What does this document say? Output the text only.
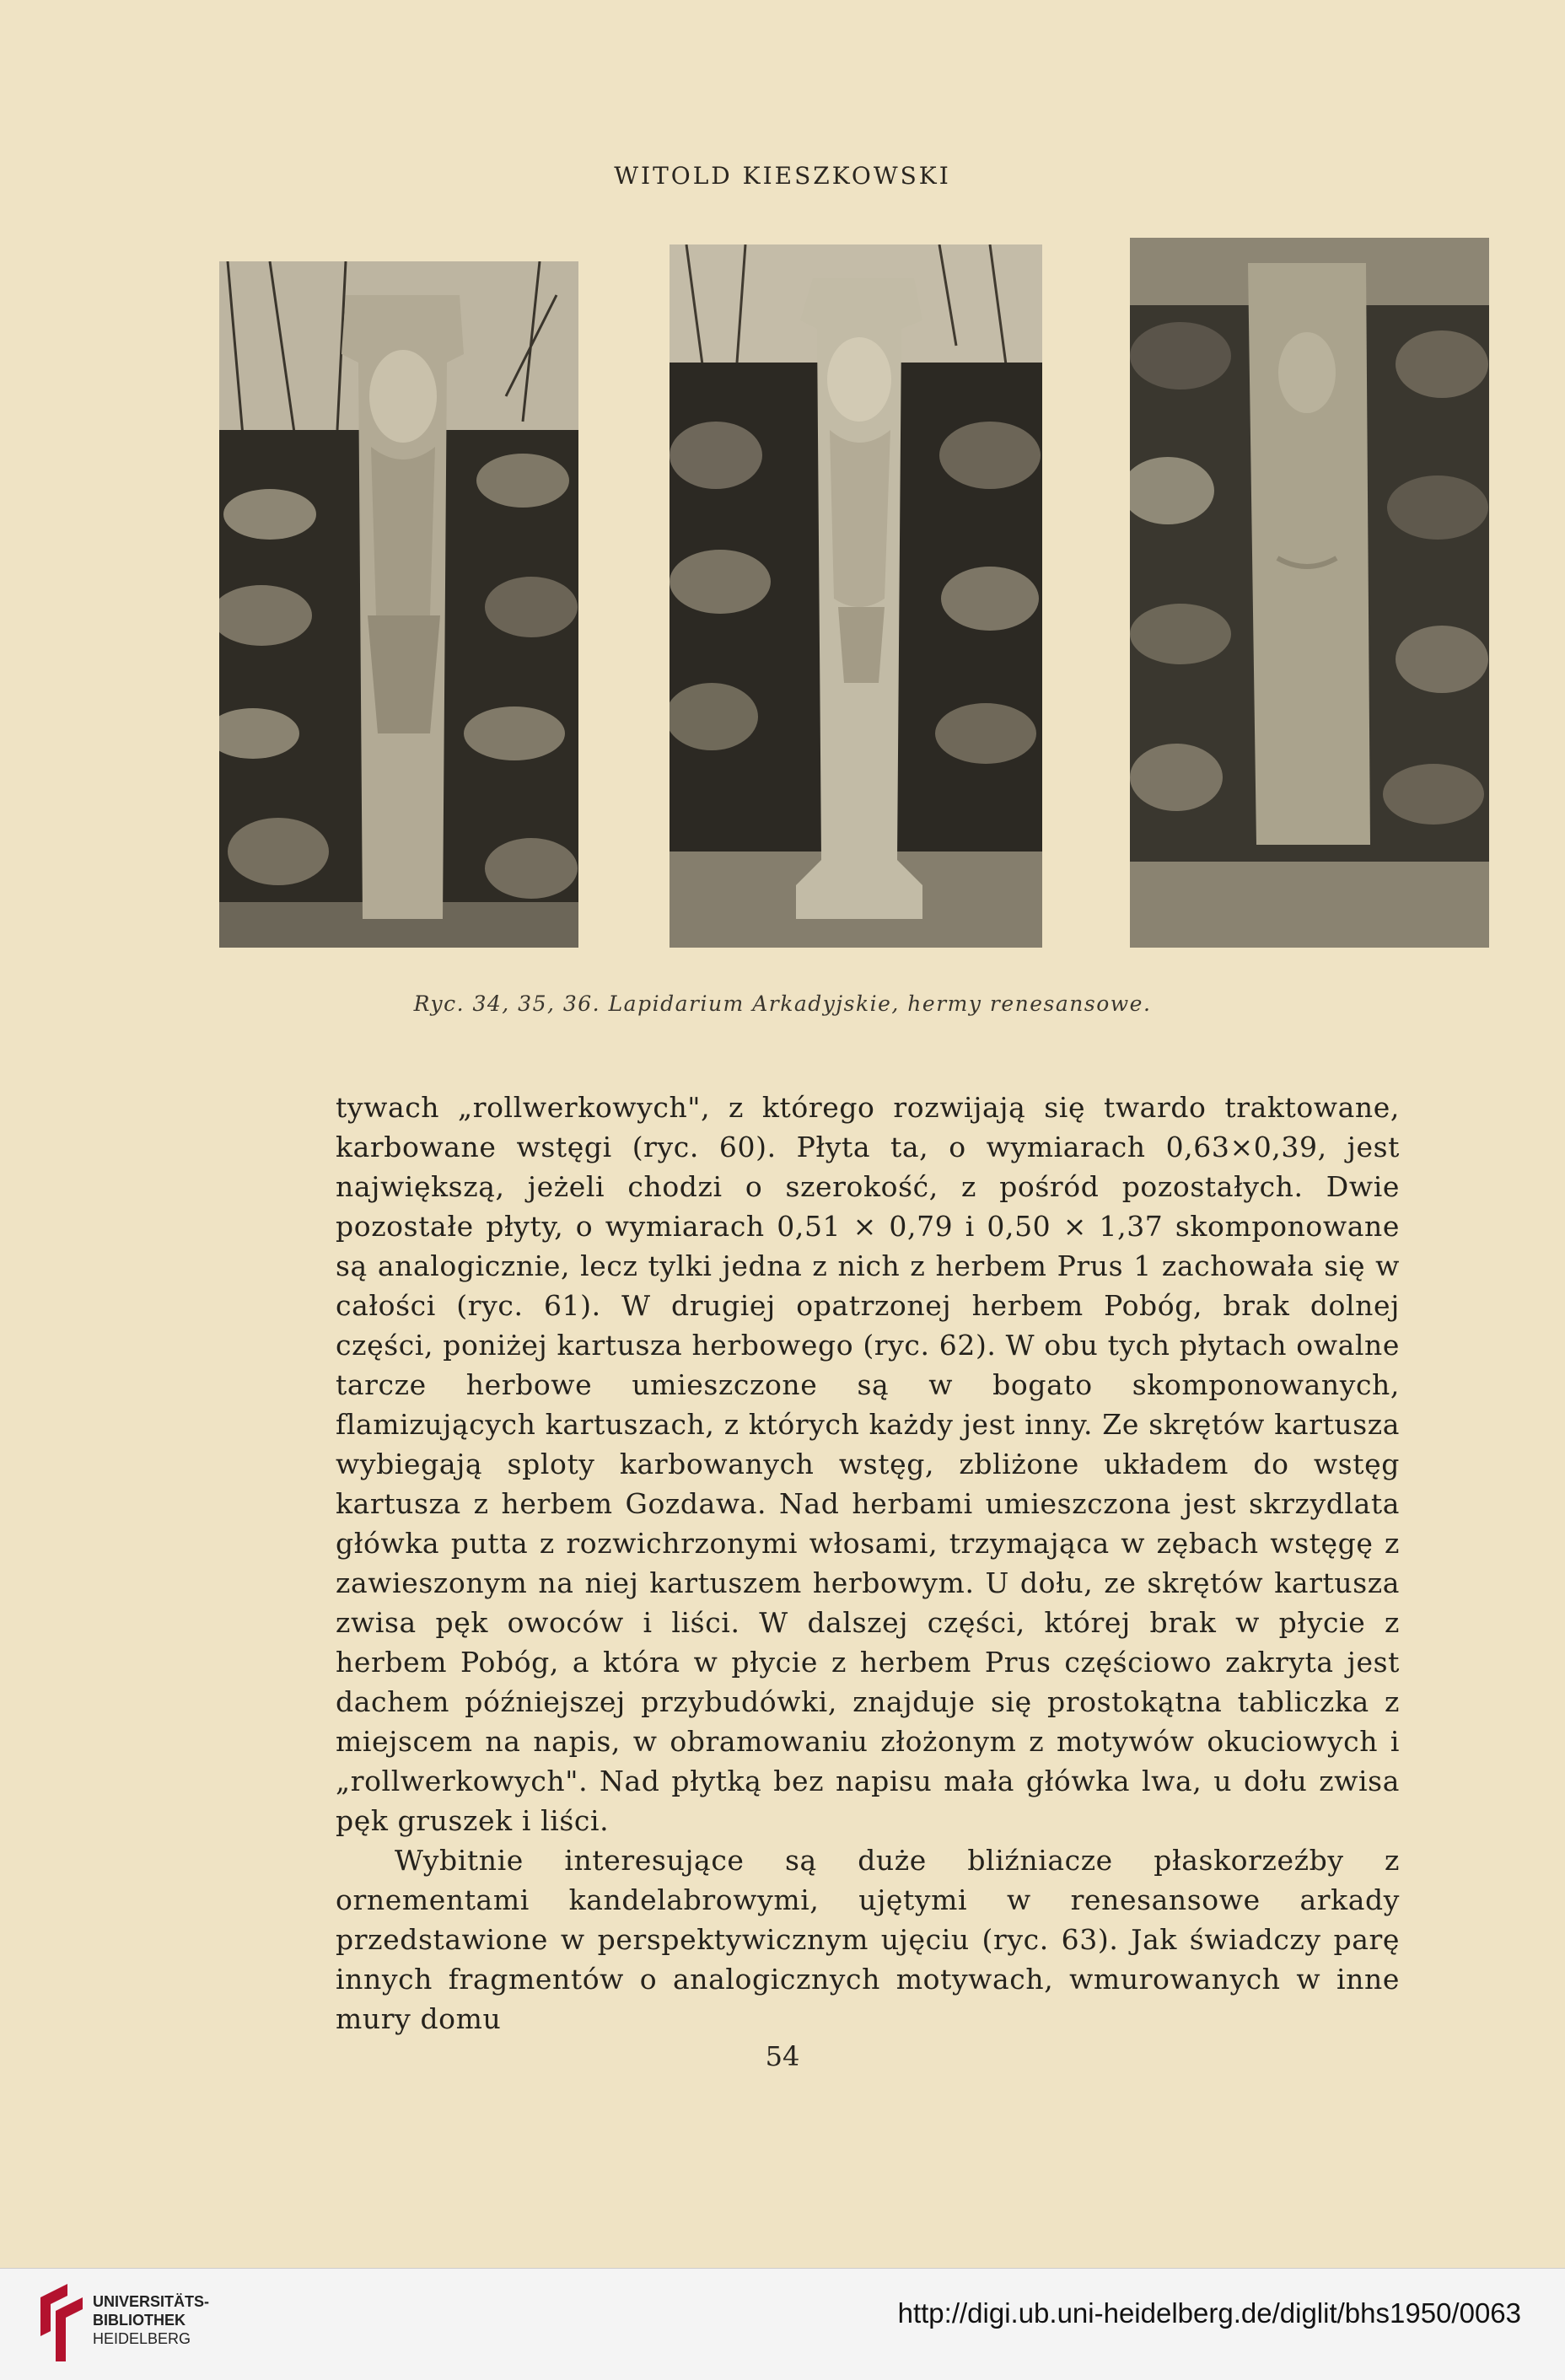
WITOLD KIESZKOWSKI
Ryc. 34, 35, 36. Lapidarium Arkadyjskie, hermy renesansowe.

tywach „rollwerkowych", z którego rozwijają się twardo traktowane, karbowane wstęgi (ryc. 60). Płyta ta, o wymiarach 0,63×0,39, jest największą, jeżeli chodzi o szerokość, z pośród pozostałych. Dwie pozostałe płyty, o wymiarach 0,51 × 0,79 i 0,50 × 1,37 skomponowane są analogicznie, lecz tylki jedna z nich z herbem Prus 1 zachowała się w całości (ryc. 61). W drugiej opatrzonej herbem Pobóg, brak dolnej części, poniżej kartusza herbowego (ryc. 62). W obu tych płytach owalne tarcze herbowe umieszczone są w bogato skomponowanych, flamizujących kartuszach, z których każdy jest inny. Ze skrętów kartusza wybiegają sploty karbowanych wstęg, zbliżone układem do wstęg kartusza z herbem Gozdawa. Nad herbami umieszczona jest skrzydlata główka putta z rozwichrzonymi włosami, trzymająca w zębach wstęgę z zawieszonym na niej kartuszem herbowym. U dołu, ze skrętów kartusza zwisa pęk owoców i liści. W dalszej części, której brak w płycie z herbem Pobóg, a która w płycie z herbem Prus częściowo zakryta jest dachem późniejszej przybudówki, znajduje się prostokątna tabliczka z miejscem na napis, w obramowaniu złożonym z motywów okuciowych i „rollwerkowych". Nad płytką bez napisu mała główka lwa, u dołu zwisa pęk gruszek i liści.

Wybitnie interesujące są duże bliźniacze płaskorzeźby z ornementami kandelabrowymi, ujętymi w renesansowe arkady przedstawione w perspektywicznym ujęciu (ryc. 63). Jak świadczy parę innych fragmentów o analogicznych motywach, wmurowanych w inne mury domu

54
UNIVERSITÄTS-
BIBLIOTHEK
HEIDELBERG
http://digi.ub.uni-heidelberg.de/diglit/bhs1950/0063
